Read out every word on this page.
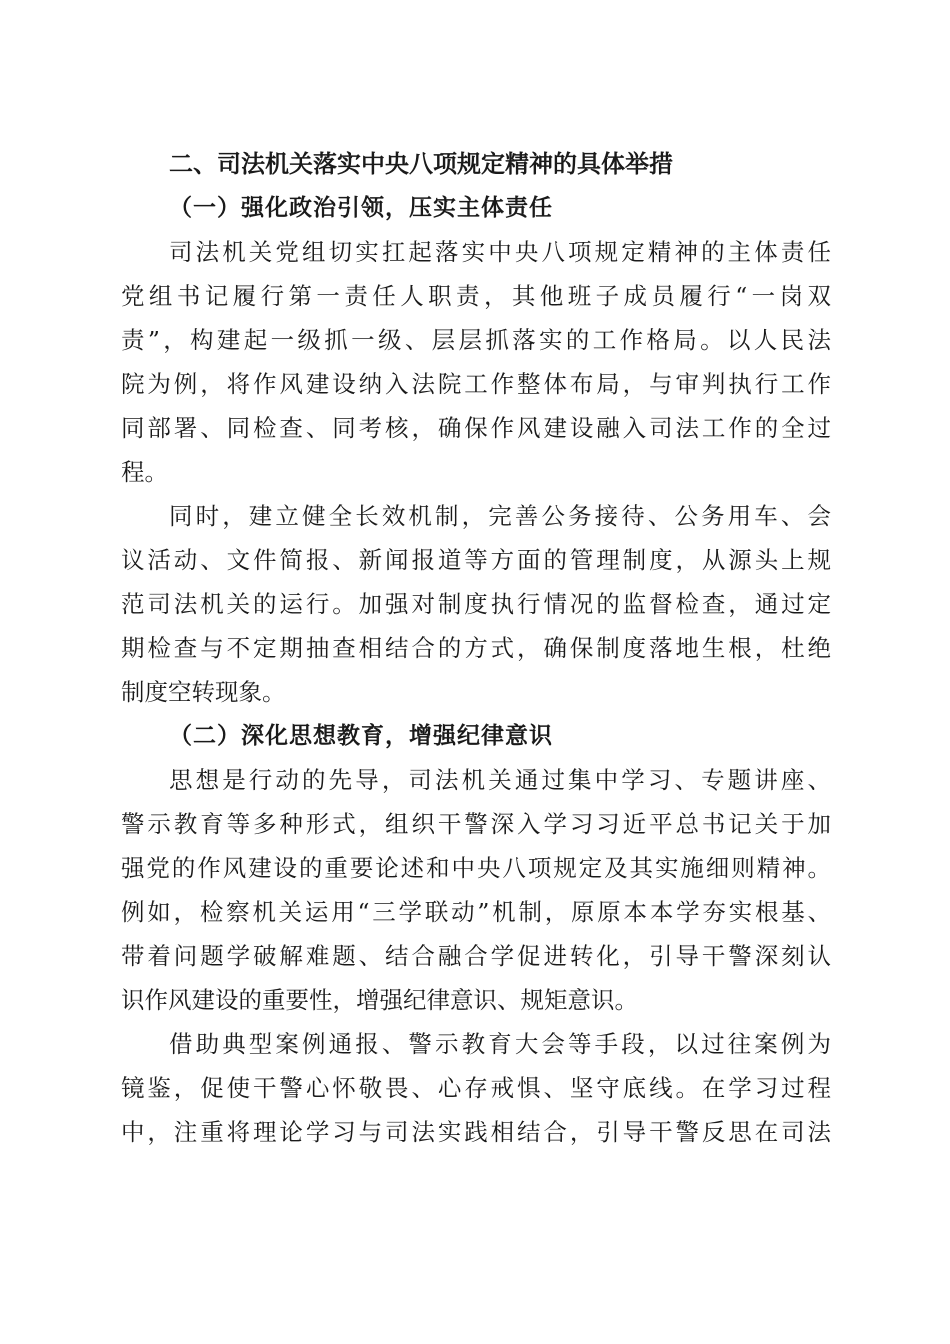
二、司法机关落实中央八项规定精神的具体举措
（一）强化政治引领，压实主体责任

司法机关党组切实扛起落实中央八项规定精神的主体责任
党组书记履行第一责任人职责，其他班子成员履行“一岗双
责”，构建起一级抓一级、层层抓落实的工作格局。以人民法
院为例，将作风建设纳入法院工作整体布局，与审判执行工作
同部署、同检查、同考核，确保作风建设融入司法工作的全过
程。

同时，建立健全长效机制，完善公务接待、公务用车、会
议活动、文件简报、新闻报道等方面的管理制度，从源头上规
范司法机关的运行。加强对制度执行情况的监督检查，通过定
期检查与不定期抽查相结合的方式，确保制度落地生根，杜绝
制度空转现象。

（二）深化思想教育，增强纪律意识

思想是行动的先导，司法机关通过集中学习、专题讲座、
警示教育等多种形式，组织干警深入学习习近平总书记关于加
强党的作风建设的重要论述和中央八项规定及其实施细则精神。
例如，检察机关运用“三学联动”机制，原原本本学夯实根基、
带着问题学破解难题、结合融合学促进转化，引导干警深刻认
识作风建设的重要性，增强纪律意识、规矩意识。

借助典型案例通报、警示教育大会等手段，以过往案例为
镜鉴，促使干警心怀敬畏、心存戒惧、坚守底线。在学习过程
中，注重将理论学习与司法实践相结合，引导干警反思在司法
